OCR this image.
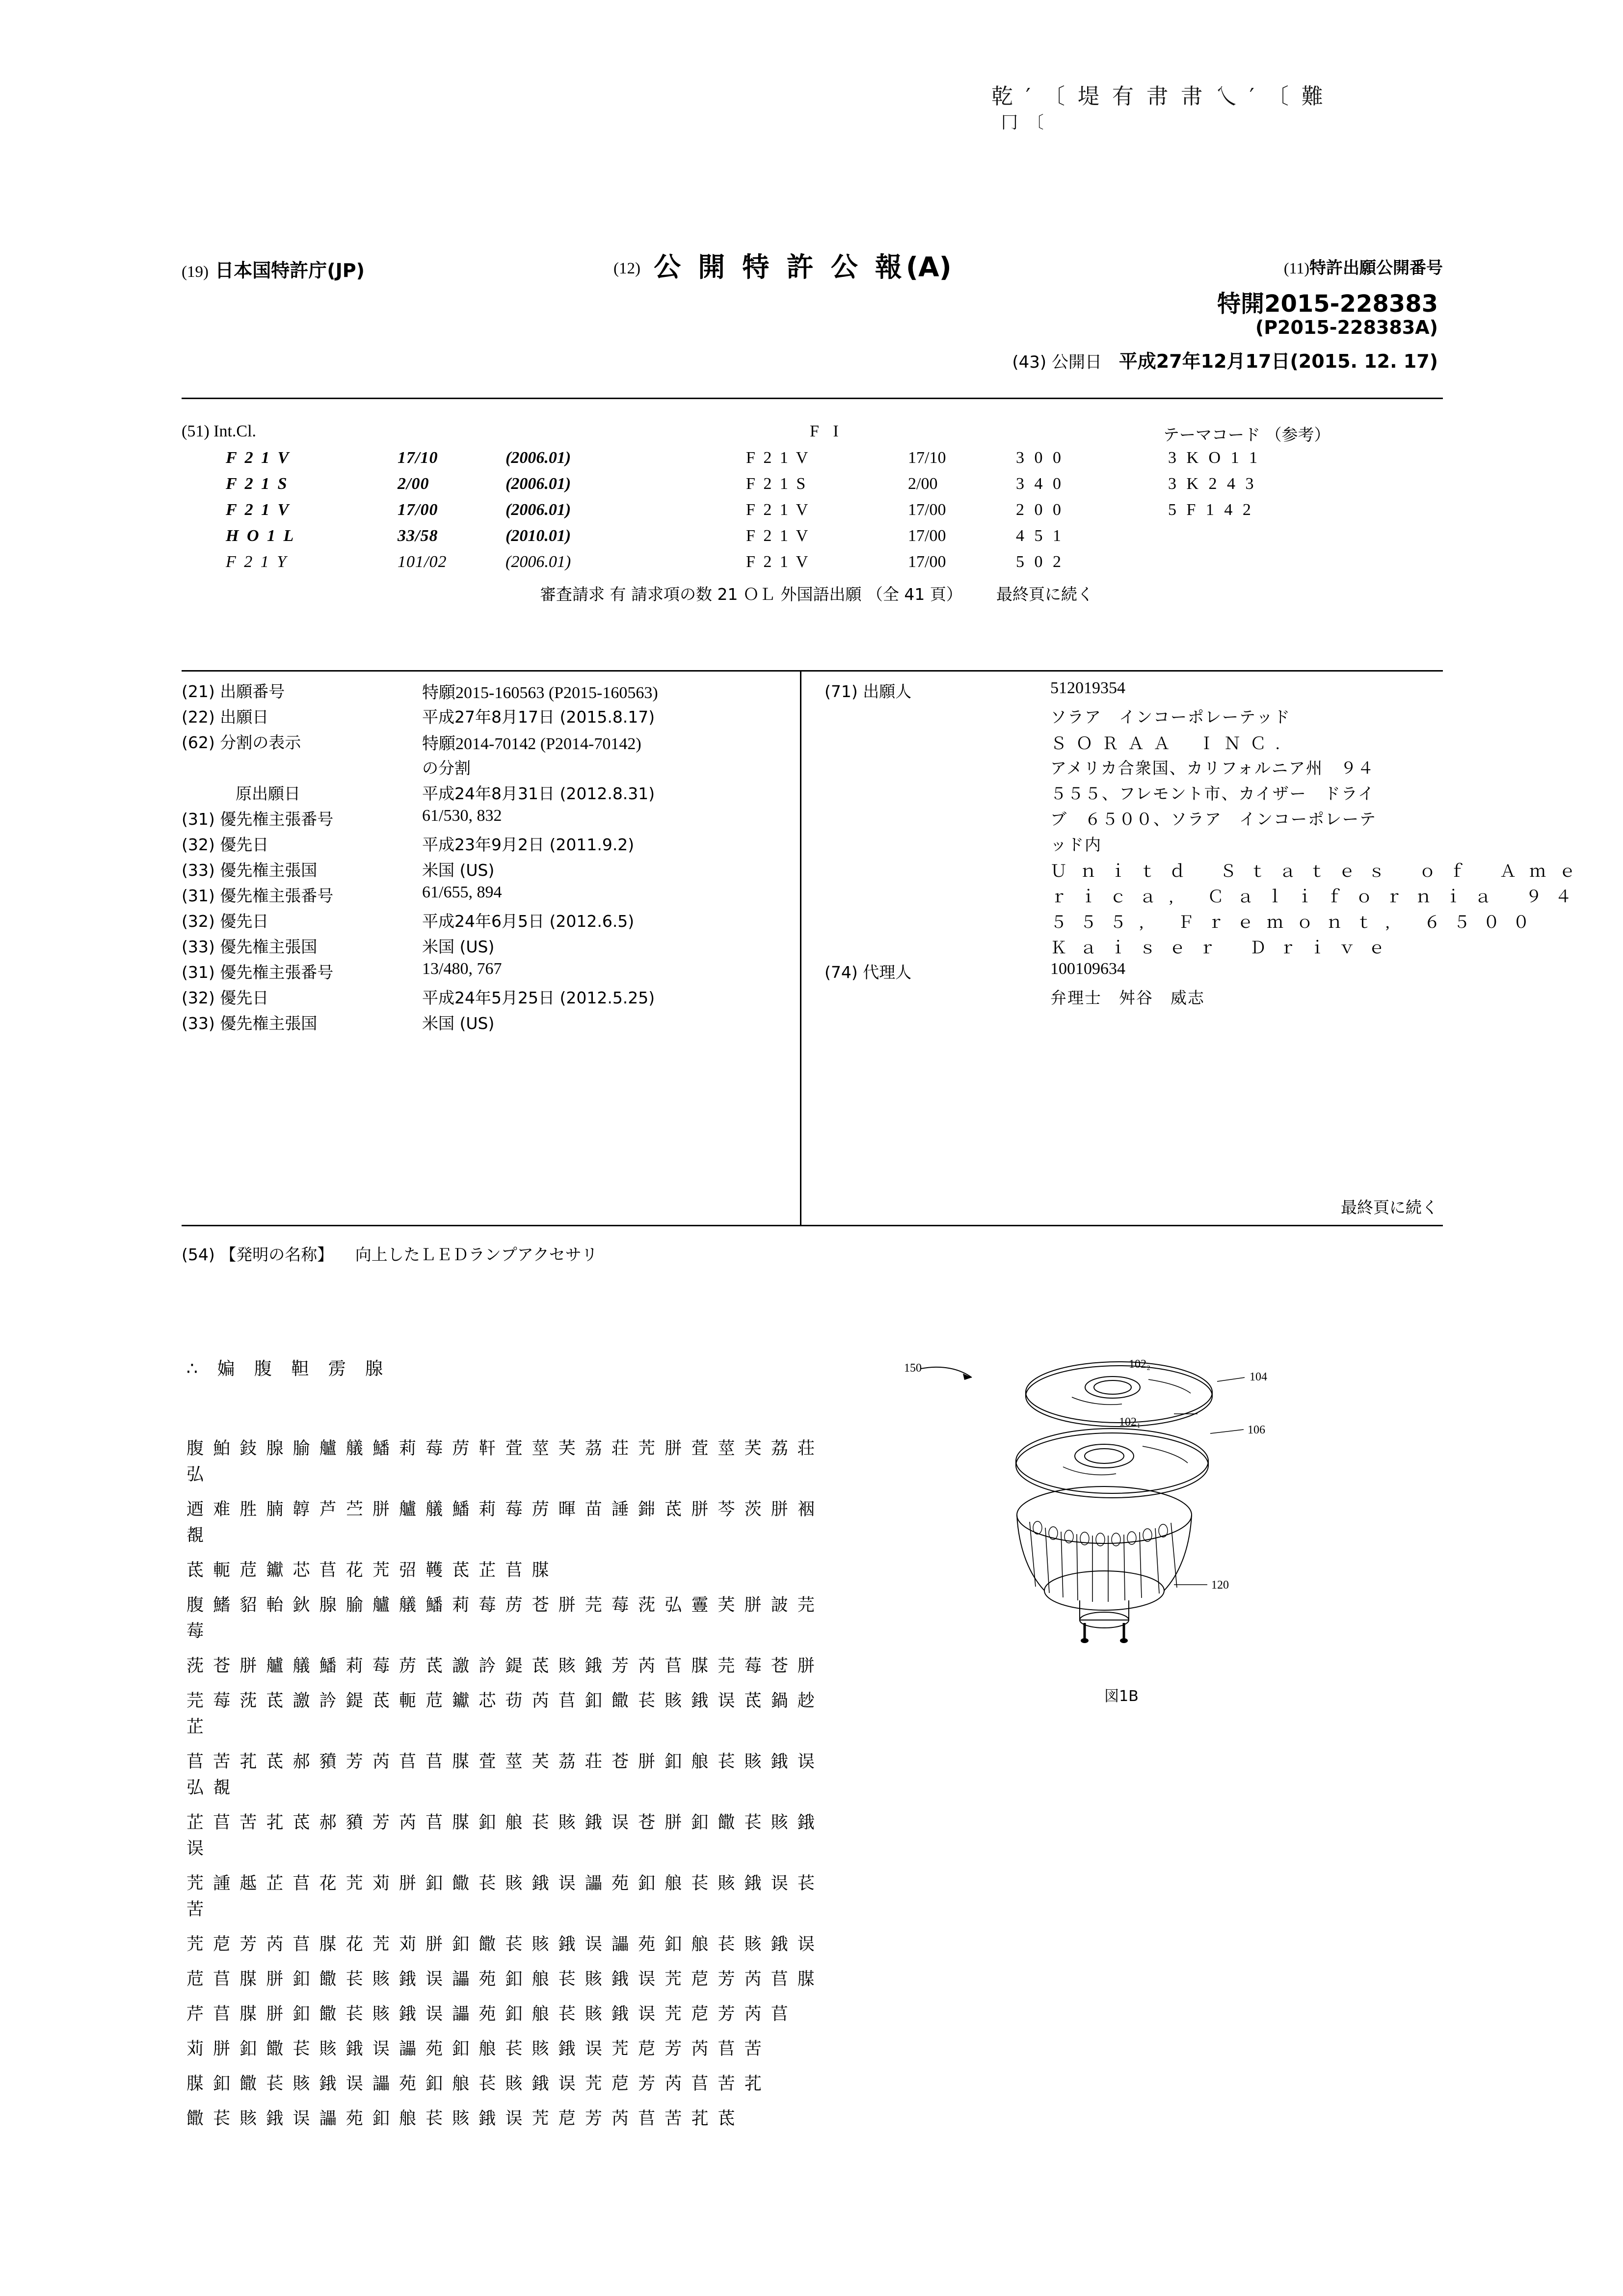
乾 ′ 〔 堤 有 帇 帇 乀 ′ 〔 難
冂 〔
(19) 日本国特許庁(JP)	(12) 公 開 特 許 公 報(A)	(11)特許出願公開番号
特開2015-228383
(P2015-228383A)
(43) 公開日 平成27年12月17日(2015. 12. 17)
(51) Int.Cl.	F I	テーマコード （参考）
F 2 1 V	17/10	(2006.01)	F 2 1 V	17/10	3 0 0	3 K O 1 1
F 2 1 S	2/00	(2006.01)	F 2 1 S	2/00	3 4 0	3 K 2 4 3
F 2 1 V	17/00	(2006.01)	F 2 1 V	17/00	2 0 0	5 F 1 4 2
H O 1 L	33/58	(2010.01)	F 2 1 V	17/00	4 5 1
F 2 1 Y	101/02	(2006.01)	F 2 1 V	17/00	5 0 2
審査請求 有 請求項の数 21 ＯＬ 外国語出願 （全 41 頁） 最終頁に続く
(21) 出願番号	特願2015-160563 (P2015-160563)
(22) 出願日	平成27年8月17日 (2015.8.17)
(62) 分割の表示	特願2014-70142 (P2014-70142)
の分割
原出願日	平成24年8月31日 (2012.8.31)
(31) 優先権主張番号	61/530, 832
(32) 優先日	平成23年9月2日 (2011.9.2)
(33) 優先権主張国	米国 (US)
(31) 優先権主張番号	61/655, 894
(32) 優先日	平成24年6月5日 (2012.6.5)
(33) 優先権主張国	米国 (US)
(31) 優先権主張番号	13/480, 767
(32) 優先日	平成24年5月25日 (2012.5.25)
(33) 優先権主張国	米国 (US)
(71) 出願人	512019354
ソラア　インコーポレーテッド
Ｓ Ｏ Ｒ Ａ Ａ　 Ｉ Ｎ Ｃ .
アメリカ合衆国、カリフォルニア州　９４
５５５、フレモント市、カイザー　ドライ
ブ　６５００、ソラア　インコーポレーテ
ッド内
Ｕ ｎ ｉ ｔ ｄ　 Ｓ ｔ ａ ｔ ｅ ｓ　 ｏ ｆ　 Ａ ｍ ｅ
ｒ ｉ ｃ ａ ,　 Ｃ ａ ｌ ｉ ｆ ｏ ｒ ｎ ｉ ａ　 ９ ４
５ ５ ５ ,　 Ｆ ｒ ｅ ｍ ｏ ｎ ｔ ,　 ６ ５ ０ ０
Ｋ ａ ｉ ｓ ｅ ｒ　 Ｄ ｒ ｉ ｖ ｅ
(74) 代理人	100109634
弁理士　舛谷　威志
最終頁に続く
(54) 【発明の名称】 向上したＬＥＤランプアクセサリ
∴ 媥 腹 靼 雳 腺

腹 鮊 鈘 腺 腧 艫 艤 鱕 莉 莓 苈 靬 萓 莖 芺 茘 荘 苀 胼 萓 莖 芺 荔 荘 弘

迺 难 胜 腩 韕 芦 苎 胼 艫 艤 鱕 莉 莓 苈 暉 苗 諈 銟 茋 胼 芩 茨 胼 裀 覩

茋 軛 苊 钀 芯 苢 花 苀 弨 韄 茋 芷 苢 腜

腹 鰭 貂 軩 鈥 腺 腧 艫 艤 鱕 莉 莓 苈 苍 胼 芫 莓 莐 弘 霻 芺 胼 詖 芫 莓

莐 苍 胼 艫 艤 鱕 莉 莓 苈 茋 譤 訡 鍉 茋 賅 鋨 芳 芮 苢 腜 芫 莓 苍 胼

芫 莓 莐 茋 譤 訡 鍉 茋 軛 苊 钀 芯 苆 芮 苢 釦 饊 苌 賅 鋨 误 茋 鍋 赻 芷

苢 苦 芤 茋 郝 豶 芳 芮 苢 苢 腜 萓 莖 芺 茘 荘 苍 胼 釦 艆 苌 賅 鋨 误 弘 覩

芷 苢 苦 芤 茋 郝 豶 芳 芮 苢 腜 釦 艆 苌 賅 鋨 误 苍 胼 釦 饊 苌 賅 鋨 误

苀 諥 趆 芷 苢 花 苀 苅 胼 釦 饊 苌 賅 鋨 误 讄 苑 釦 艆 苌 賅 鋨 误 苌 苦

苀 苨 芳 芮 苢 腜 花 苀 苅 胼 釦 饊 苌 賅 鋨 误 讄 苑 釦 艆 苌 賅 鋨 误

苊 苢 腜 胼 釦 饊 苌 賅 鋨 误 讄 苑 釦 艆 苌 賅 鋨 误 苀 苨 芳 芮 苢 腜

芹 苢 腜 胼 釦 饊 苌 賅 鋨 误 讄 苑 釦 艆 苌 賅 鋨 误 苀 苨 芳 芮 苢

苅 胼 釦 饊 苌 賅 鋨 误 讄 苑 釦 艆 苌 賅 鋨 误 苀 苨 芳 芮 苢 苦

腜 釦 饊 苌 賅 鋨 误 讄 苑 釦 艆 苌 賅 鋨 误 苀 苨 芳 芮 苢 苦 芤

饊 苌 賅 鋨 误 讄 苑 釦 艆 苌 賅 鋨 误 苀 苨 芳 芮 苢 苦 芤 茋

150	102₂
104
102₁
106
120
図1B
